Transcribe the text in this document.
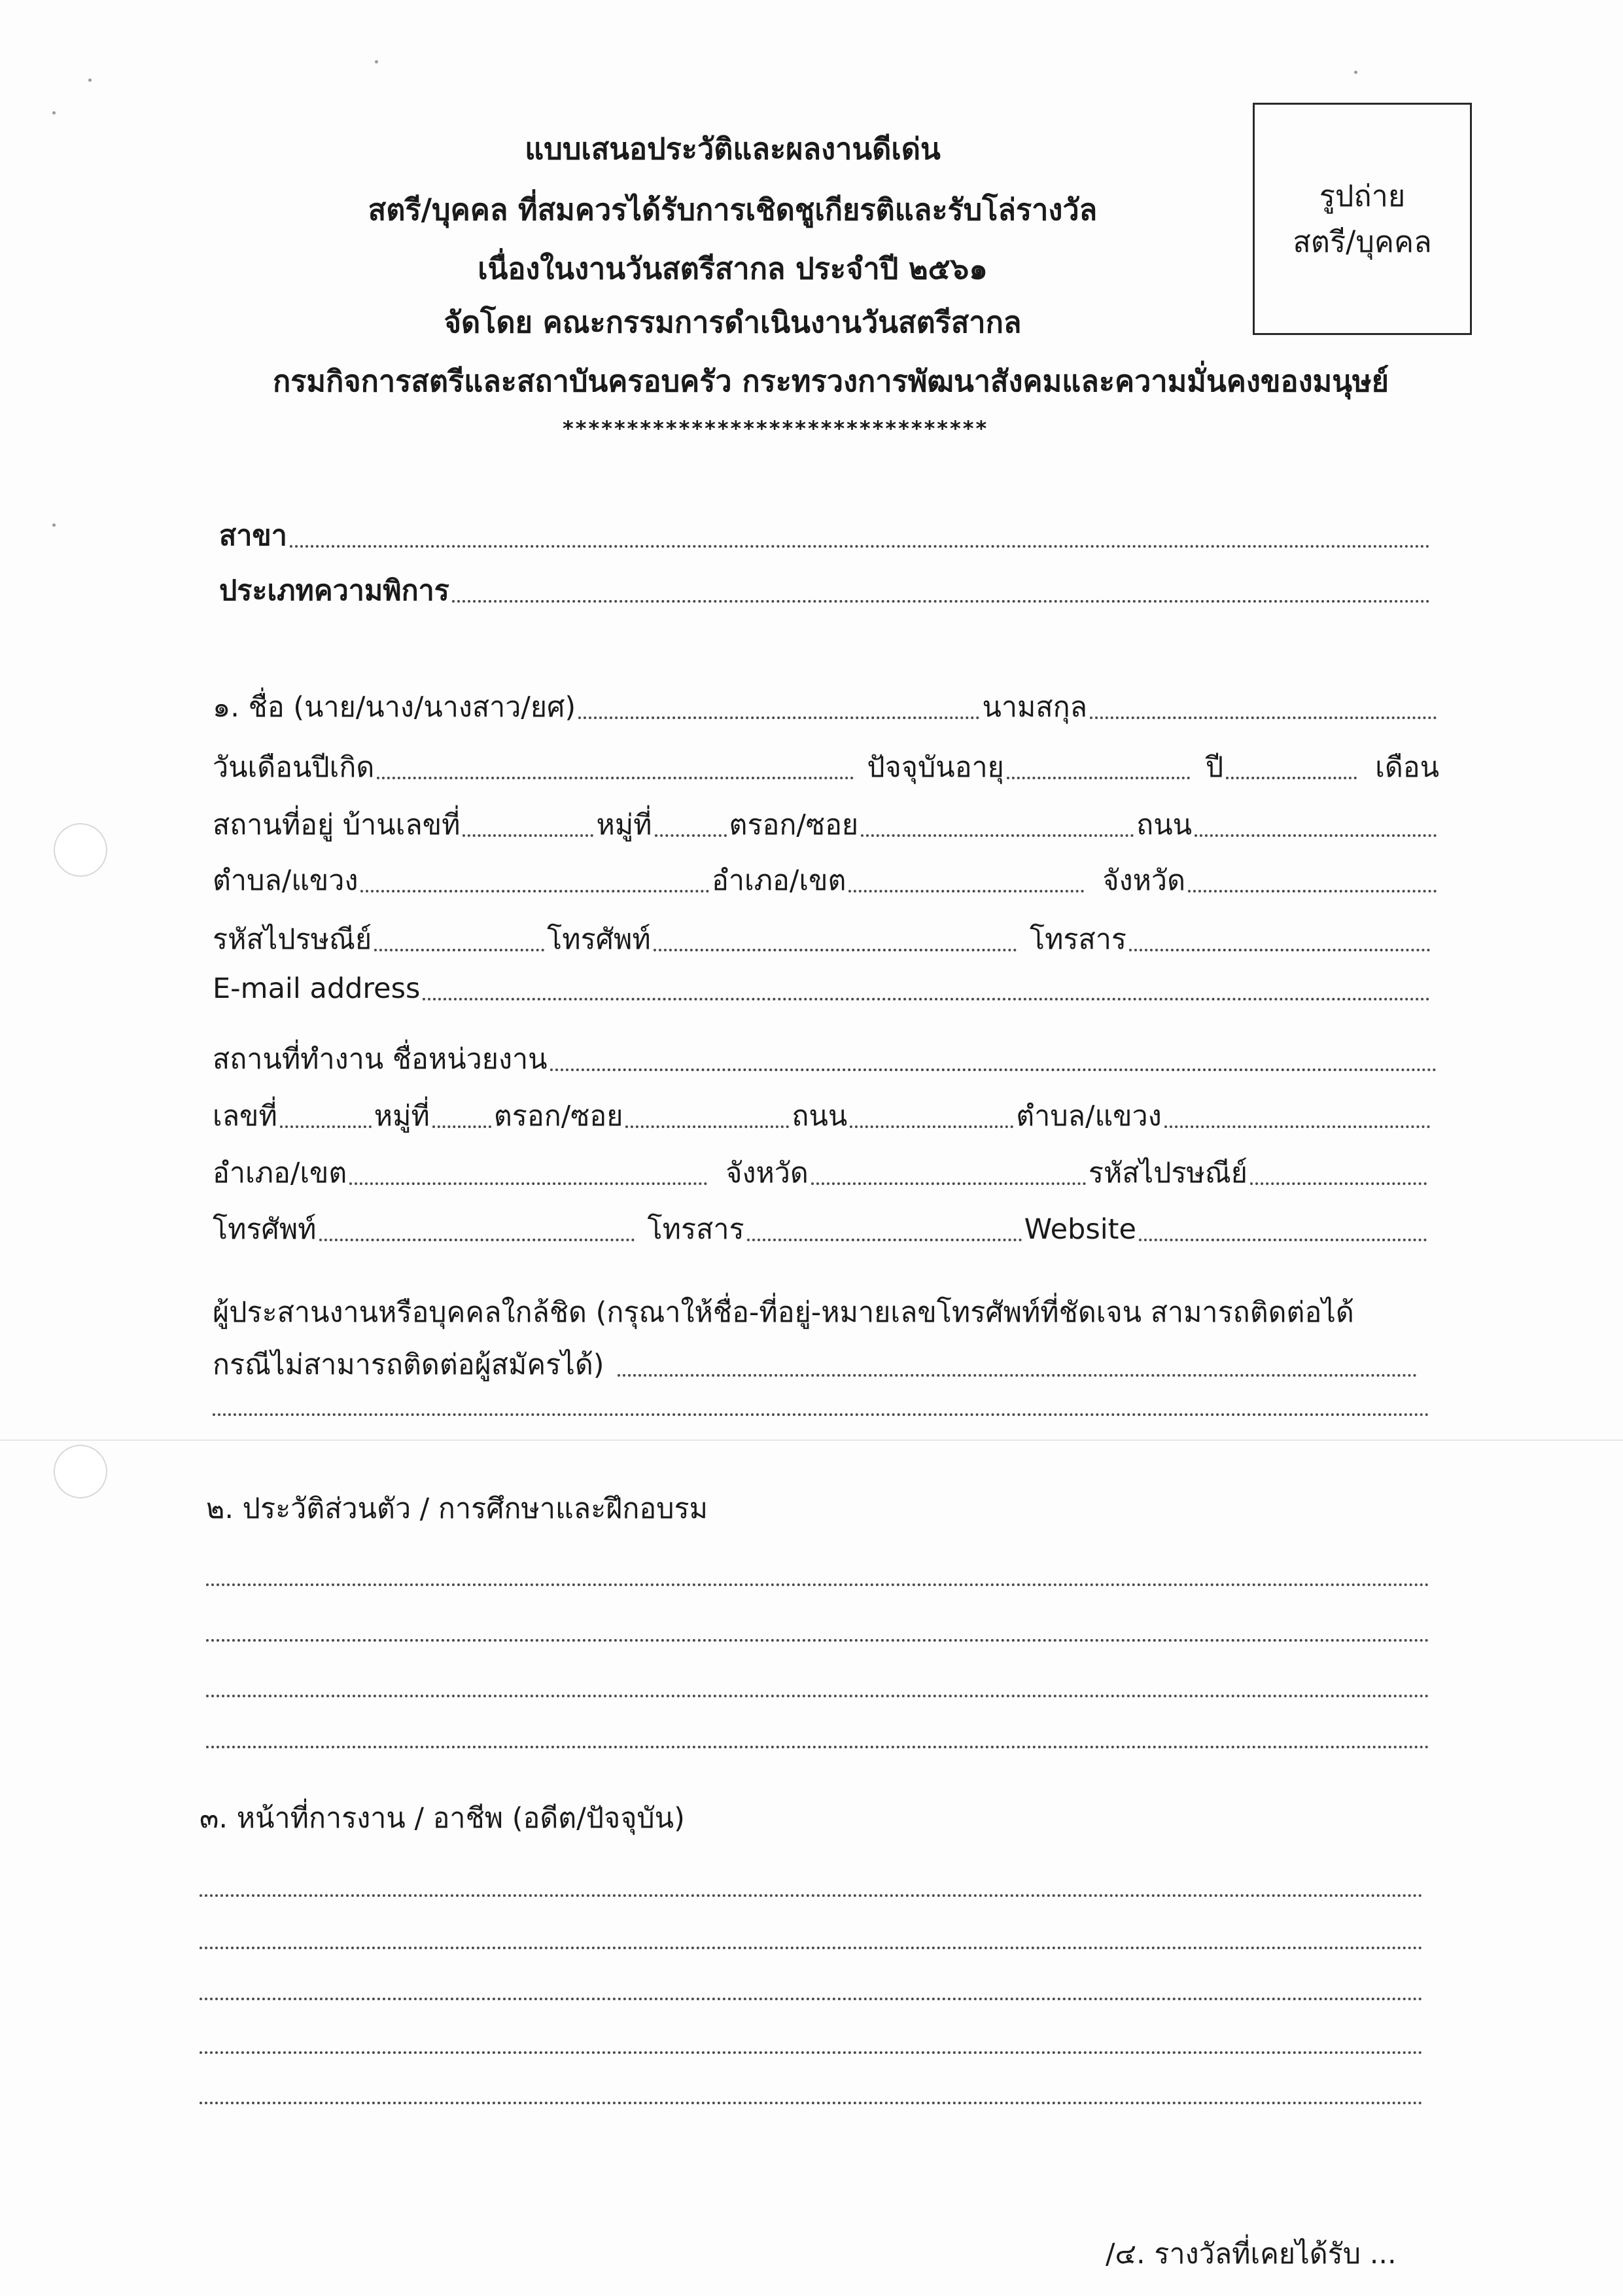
แบบเสนอประวัติและผลงานดีเด่น
สตรี/บุคคล ที่สมควรได้รับการเชิดชูเกียรติและรับโล่รางวัล
เนื่องในงานวันสตรีสากล ประจำปี ๒๕๖๑
จัดโดย คณะกรรมการดำเนินงานวันสตรีสากล
กรมกิจการสตรีและสถาบันครอบครัว กระทรวงการพัฒนาสังคมและความมั่นคงของมนุษย์
*********************************
รูปถ่าย
สตรี/บุคคล
สาขา
ประเภทความพิการ
๑. ชื่อ (นาย/นาง/นางสาว/ยศ)	นามสกุล
วันเดือนปีเกิด	ปัจจุบันอายุ	ปี	เดือน
สถานที่อยู่ บ้านเลขที่	หมู่ที่	ตรอก/ซอย	ถนน
ตำบล/แขวง	อำเภอ/เขต	จังหวัด
รหัสไปรษณีย์	โทรศัพท์	โทรสาร
E-mail address
สถานที่ทำงาน ชื่อหน่วยงาน
เลขที่	หมู่ที่ ตรอก/ซอย	ถนน	ตำบล/แขวง
อำเภอ/เขต	จังหวัด	รหัสไปรษณีย์
โทรศัพท์	โทรสาร	Website
ผู้ประสานงานหรือบุคคลใกล้ชิด (กรุณาให้ชื่อ-ที่อยู่-หมายเลขโทรศัพท์ที่ชัดเจน สามารถติดต่อได้
กรณีไม่สามารถติดต่อผู้สมัครได้)
๒. ประวัติส่วนตัว / การศึกษาและฝึกอบรม
๓. หน้าที่การงาน / อาชีพ (อดีต/ปัจจุบัน)
/๔. รางวัลที่เคยได้รับ ...
